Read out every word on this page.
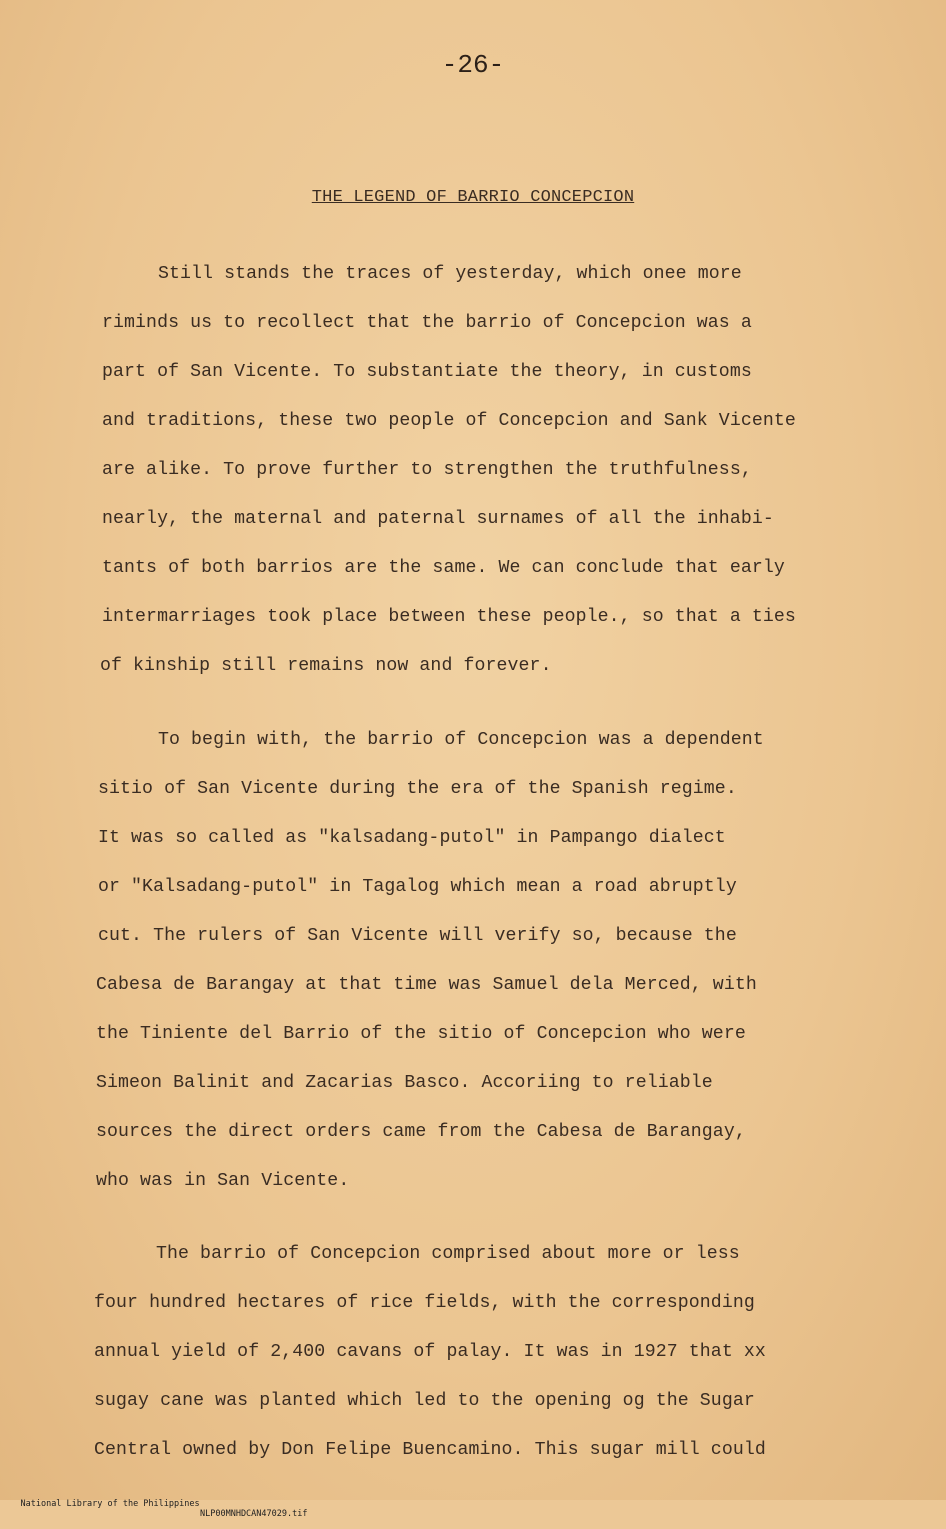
-26-
THE LEGEND OF BARRIO CONCEPCION
Still stands the traces of yesterday, which onee more
riminds us to recollect that the barrio of Concepcion was a
part of San Vicente. To substantiate the theory, in customs
and traditions, these two people of Concepcion and Sank Vicente
are alike. To prove further to strengthen the truthfulness,
nearly, the maternal and paternal surnames of all the inhabi-
tants of both barrios are the same. We can conclude that early
intermarriages took place between these people., so that a ties
of kinship still remains now and forever.
To begin with, the barrio of Concepcion was a dependent
sitio of San Vicente during the era of the Spanish regime.
It was so called as "kalsadang-putol" in Pampango dialect
or "Kalsadang-putol" in Tagalog which mean a road abruptly
cut. The rulers of San Vicente will verify so, because the
Cabesa de Barangay at that time was Samuel dela Merced, with
the Tiniente del Barrio of the sitio of Concepcion who were
Simeon Balinit and Zacarias Basco. Accoriing to reliable
sources the direct orders came from the Cabesa de Barangay,
who was in San Vicente.
The barrio of Concepcion comprised about more or less
four hundred hectares of rice fields, with the corresponding
annual yield of 2,400 cavans of palay. It was in 1927 that xx
sugay cane was planted which led to the opening og the Sugar
Central owned by Don Felipe Buencamino. This sugar mill could

National Library of the Philippines

NLP00MNHDCAN47029.tif
